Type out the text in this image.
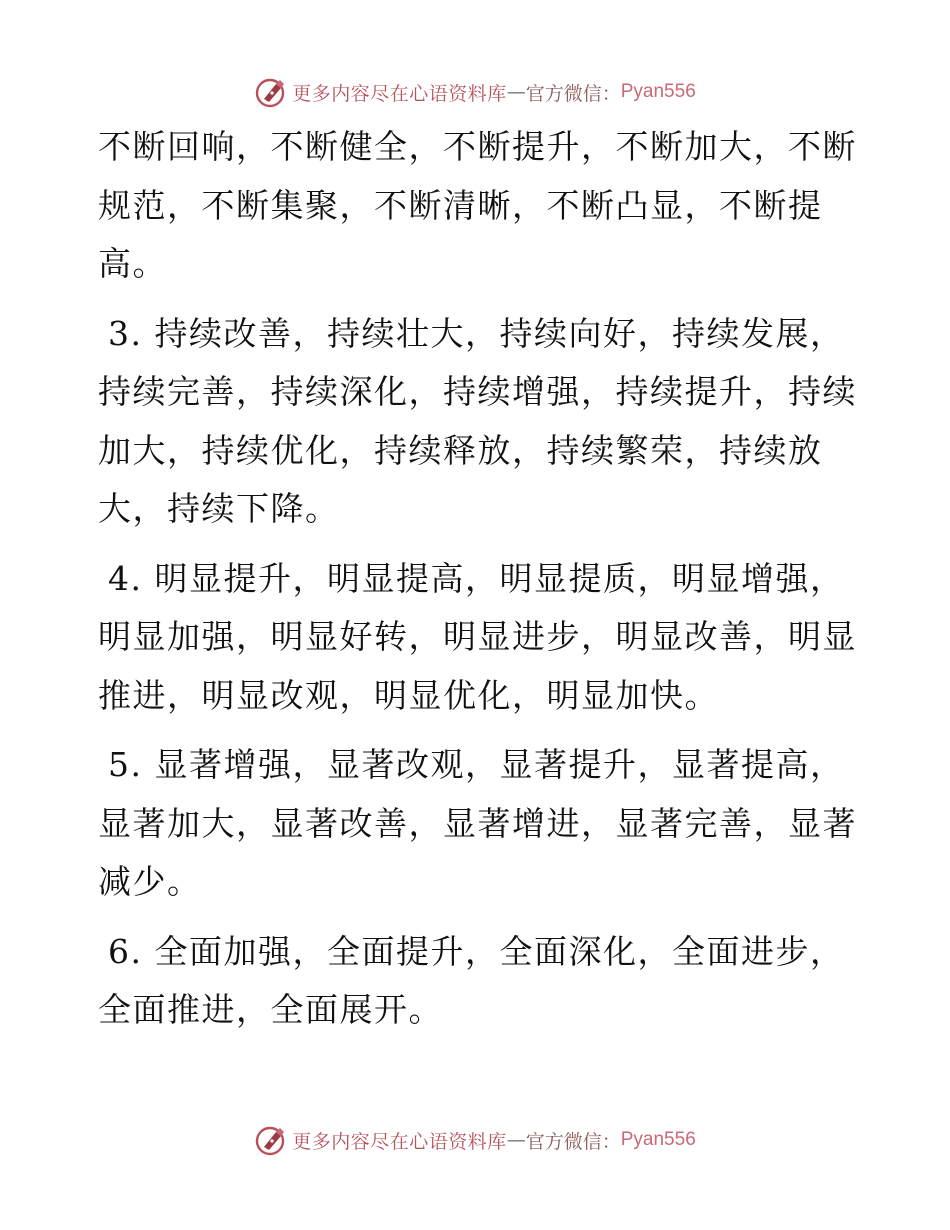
更多内容尽在心语资料库 — 官方微信： Pyan556

不断回响，不断健全，不断提升，不断加大，不断规范，不断集聚，不断清晰，不断凸显，不断提高。

3. 持续改善，持续壮大，持续向好，持续发展，持续完善，持续深化，持续增强，持续提升，持续加大，持续优化，持续释放，持续繁荣，持续放大，持续下降。

4. 明显提升，明显提高，明显提质，明显增强，明显加强，明显好转，明显进步，明显改善，明显推进，明显改观，明显优化，明显加快。

5. 显著增强，显著改观，显著提升，显著提高，显著加大，显著改善，显著增进，显著完善，显著减少。

6. 全面加强，全面提升，全面深化，全面进步，全面推进，全面展开。

更多内容尽在心语资料库 — 官方微信： Pyan556
